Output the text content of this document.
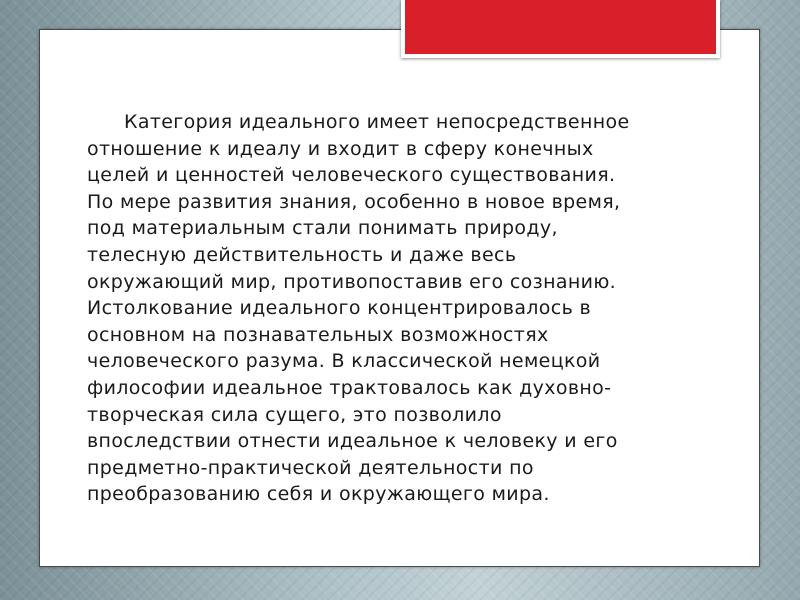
Категория идеального имеет непосредственное
отношение к идеалу и входит в сферу конечных
целей и ценностей человеческого существования.
По мере развития знания, особенно в новое время,
под материальным стали понимать природу,
телесную действительность и даже весь
окружающий мир, противопоставив его сознанию.
Истолкование идеального концентрировалось в
основном на познавательных возможностях
человеческого разума. В классической немецкой
философии идеальное трактовалось как духовно-
творческая сила сущего, это позволило
впоследствии отнести идеальное к человеку и его
предметно-практической деятельности по
преобразованию себя и окружающего мира.
